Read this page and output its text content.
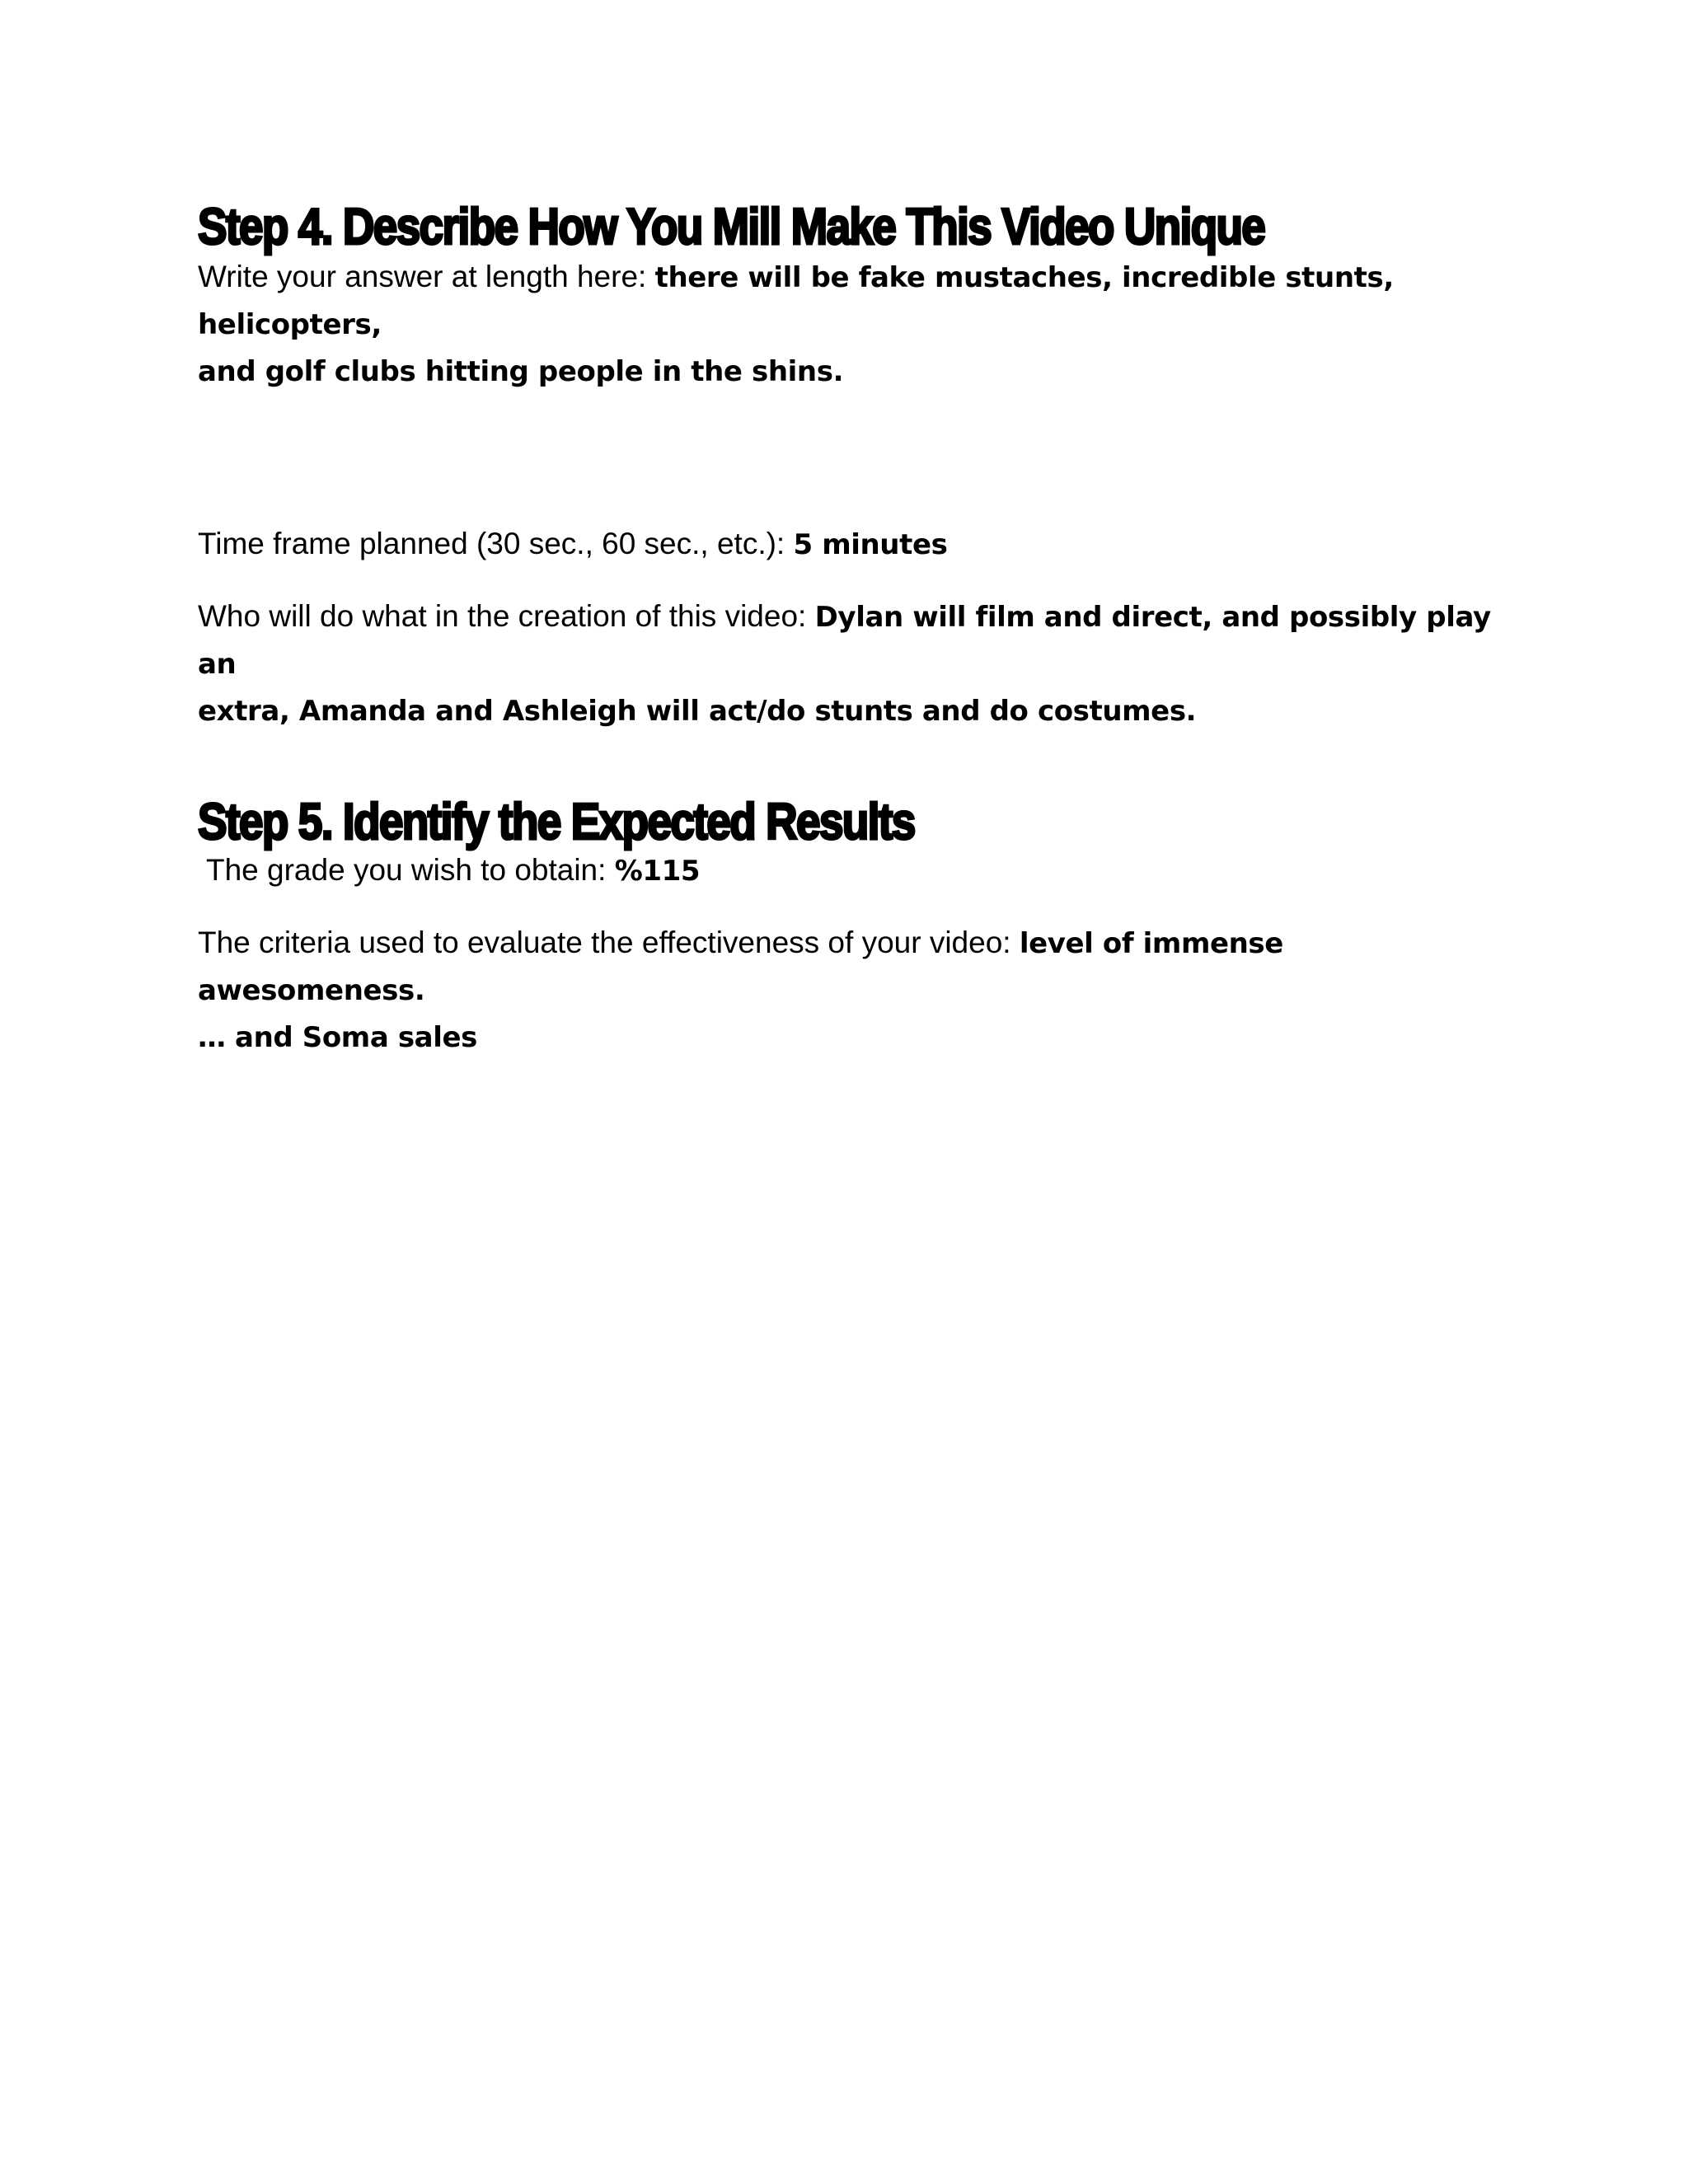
Step 4. Describe How You Mill Make This Video Unique
Write your answer at length here: there will be fake mustaches, incredible stunts, helicopters,
and golf clubs hitting people in the shins.
Time frame planned (30 sec., 60 sec., etc.): 5 minutes
Who will do what in the creation of this video: Dylan will film and direct, and possibly play an
extra, Amanda and Ashleigh will act/do stunts and do costumes.
Step 5. Identify the Expected Results
The grade you wish to obtain: %115
The criteria used to evaluate the effectiveness of your video: level of immense awesomeness.
… and Soma sales
